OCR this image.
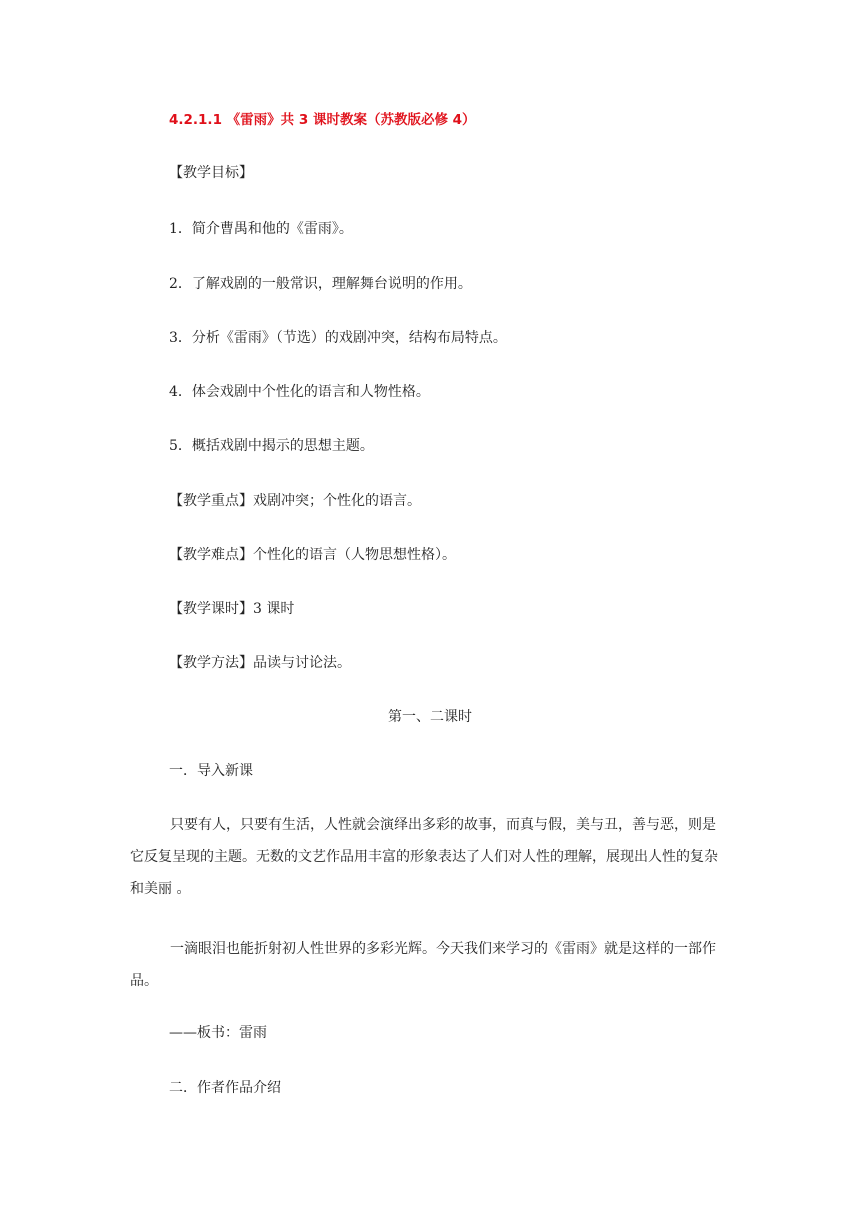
4.2.1.1 《雷雨》共 3 课时教案（苏教版必修 4）
【教学目标】
1．简介曹禺和他的《雷雨》。
2．了解戏剧的一般常识，理解舞台说明的作用。
3．分析《雷雨》（节选）的戏剧冲突，结构布局特点。
4．体会戏剧中个性化的语言和人物性格。
5．概括戏剧中揭示的思想主题。
【教学重点】戏剧冲突；个性化的语言。
【教学难点】个性化的语言（人物思想性格）。
【教学课时】3 课时
【教学方法】品读与讨论法。
第一、二课时
一．导入新课
只要有人，只要有生活，人性就会演绎出多彩的故事，而真与假，美与丑，善与恶，则是它反复呈现的主题。无数的文艺作品用丰富的形象表达了人们对人性的理解，展现出人性的复杂和美丽 。
一滴眼泪也能折射初人性世界的多彩光辉。今天我们来学习的《雷雨》就是这样的一部作品。
——板书：雷雨
二．作者作品介绍
